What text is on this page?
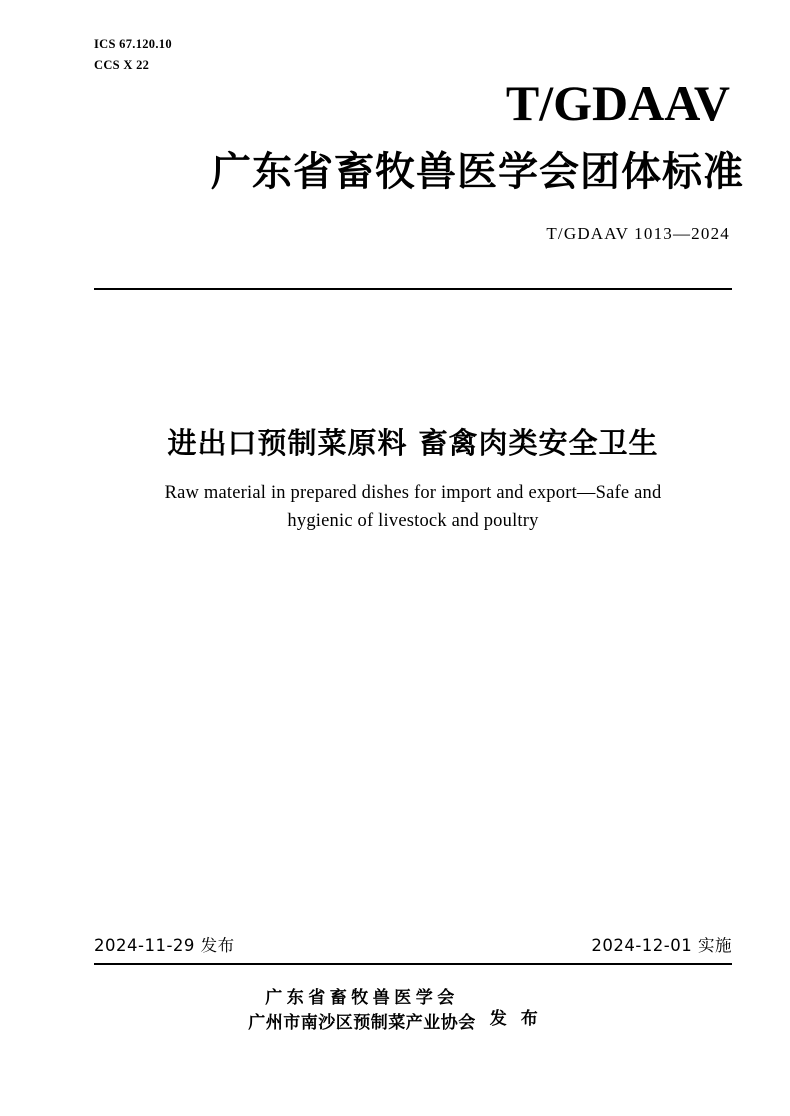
ICS 67.120.10
CCS X 22
T/GDAAV
广东省畜牧兽医学会团体标准
T/GDAAV 1013—2024
进出口预制菜原料 畜禽肉类安全卫生
Raw material in prepared dishes for import and export—Safe and hygienic of livestock and poultry
2024-11-29 发布	2024-12-01 实施
广东省畜牧兽医学会
广州市南沙区预制菜产业协会 发 布
